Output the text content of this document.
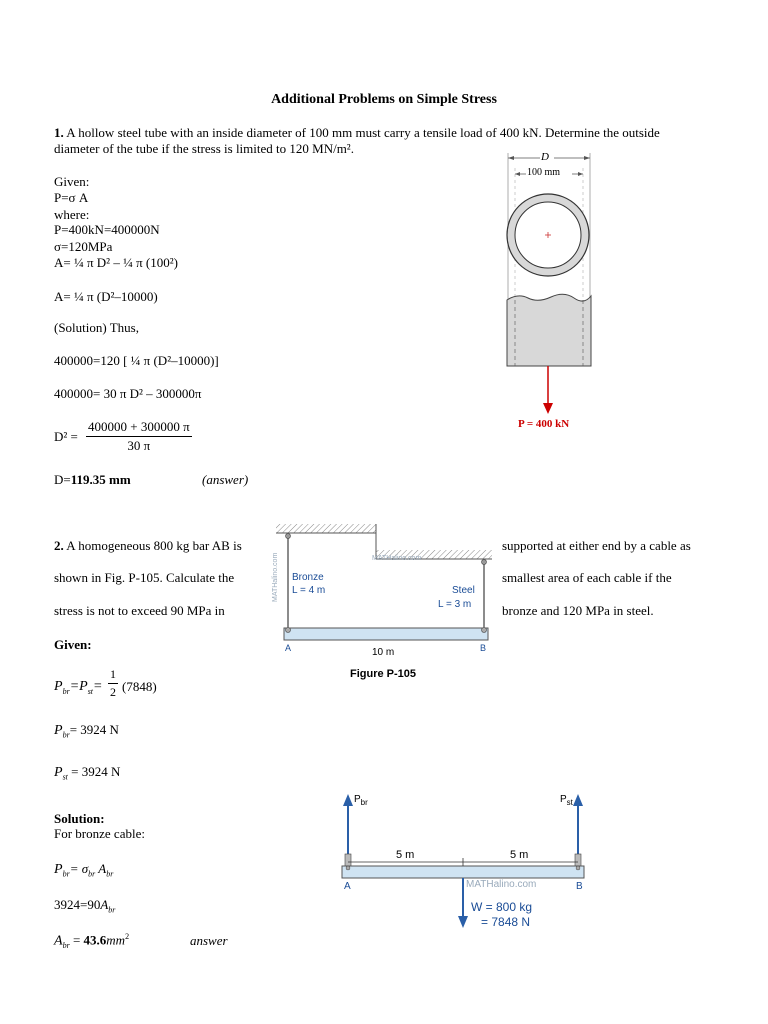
Additional Problems on Simple Stress
1. A hollow steel tube with an inside diameter of 100 mm must carry a tensile load of 400 kN. Determine the outside
diameter of the tube if the stress is limited to 120 MN/m².
Given:
P=σ A
where:
P=400kN=400000N
σ=120MPa
A= ¼ π D² – ¼ π (100²)
A= ¼ π (D²–10000)
(Solution) Thus,
400000=120 [ ¼ π (D²–10000)]
400000= 30 π D² – 300000π
$D^2 = \frac{400000 + 300000 \pi}{30 \pi}$
D=119.35 mm	(answer)
D
100 mm
P = 400 kN
2. A homogeneous 800 kg bar AB is
shown in Fig. P-105. Calculate the
stress is not to exceed 90 MPa in
supported at either end by a cable as
smallest area of each cable if the
bronze and 120 MPa in steel.
Bronze
L = 4 m	Steel
L = 3 m
MATHalino.com
MATHalino.com
A	B
10 m
Figure P-105
Given:
$P_{br}=P_{st}= \frac{1}{2} (7848)$
$P_{br}= 3924$ N
$P_{st} = 3924$ N
Solution:
For bronze cable:
$P_{br}= \sigma_{br}$ $A_{br}$
$3924=90A_{br}$
$A_{br} = 43.6mm^2$	answer
$P_{br}$	$P_{st}$
5 m	5 m
A	B
MATHalino.com
W = 800 kg
= 7848 N
